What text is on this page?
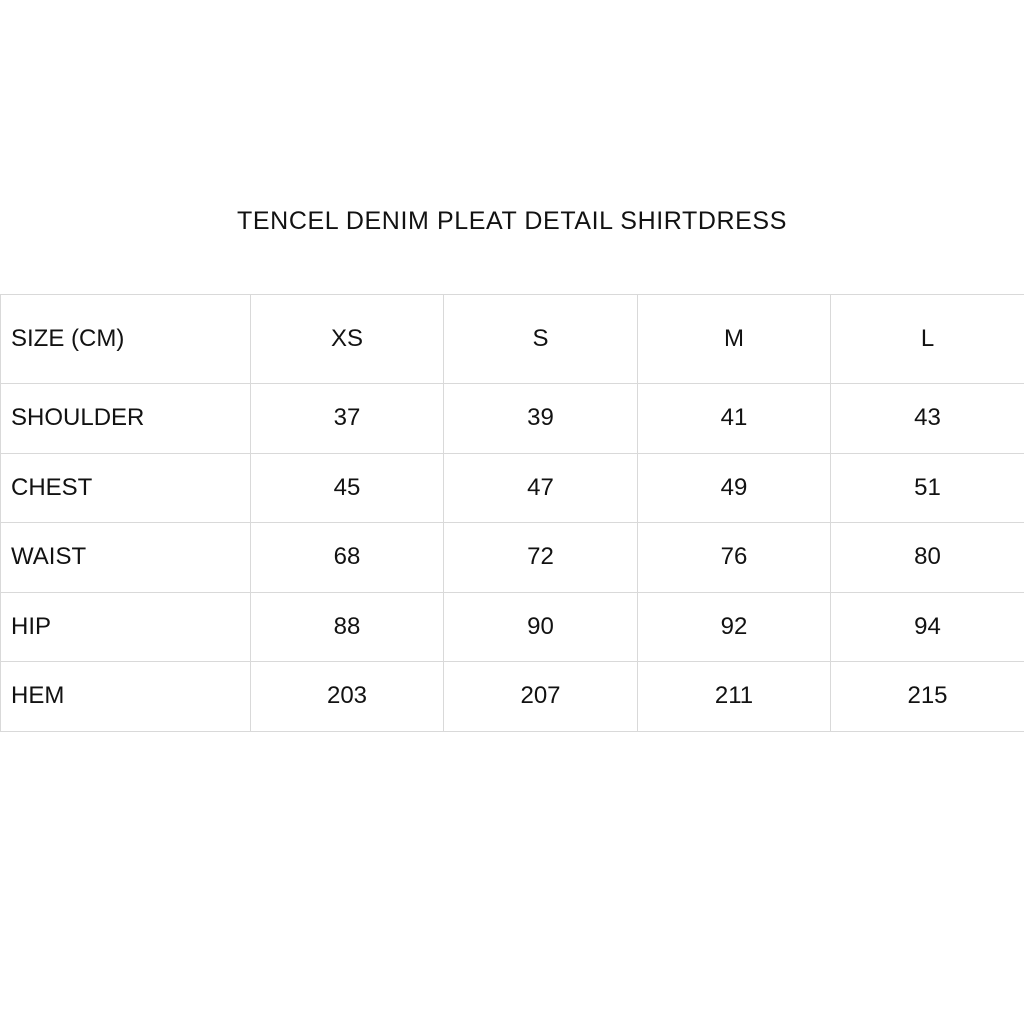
TENCEL DENIM PLEAT DETAIL SHIRTDRESS
SIZE (CM)	XS	S	M	L
SHOULDER	37	39	41	43
CHEST	45	47	49	51
WAIST	68	72	76	80
HIP	88	90	92	94
HEM	203	207	211	215
